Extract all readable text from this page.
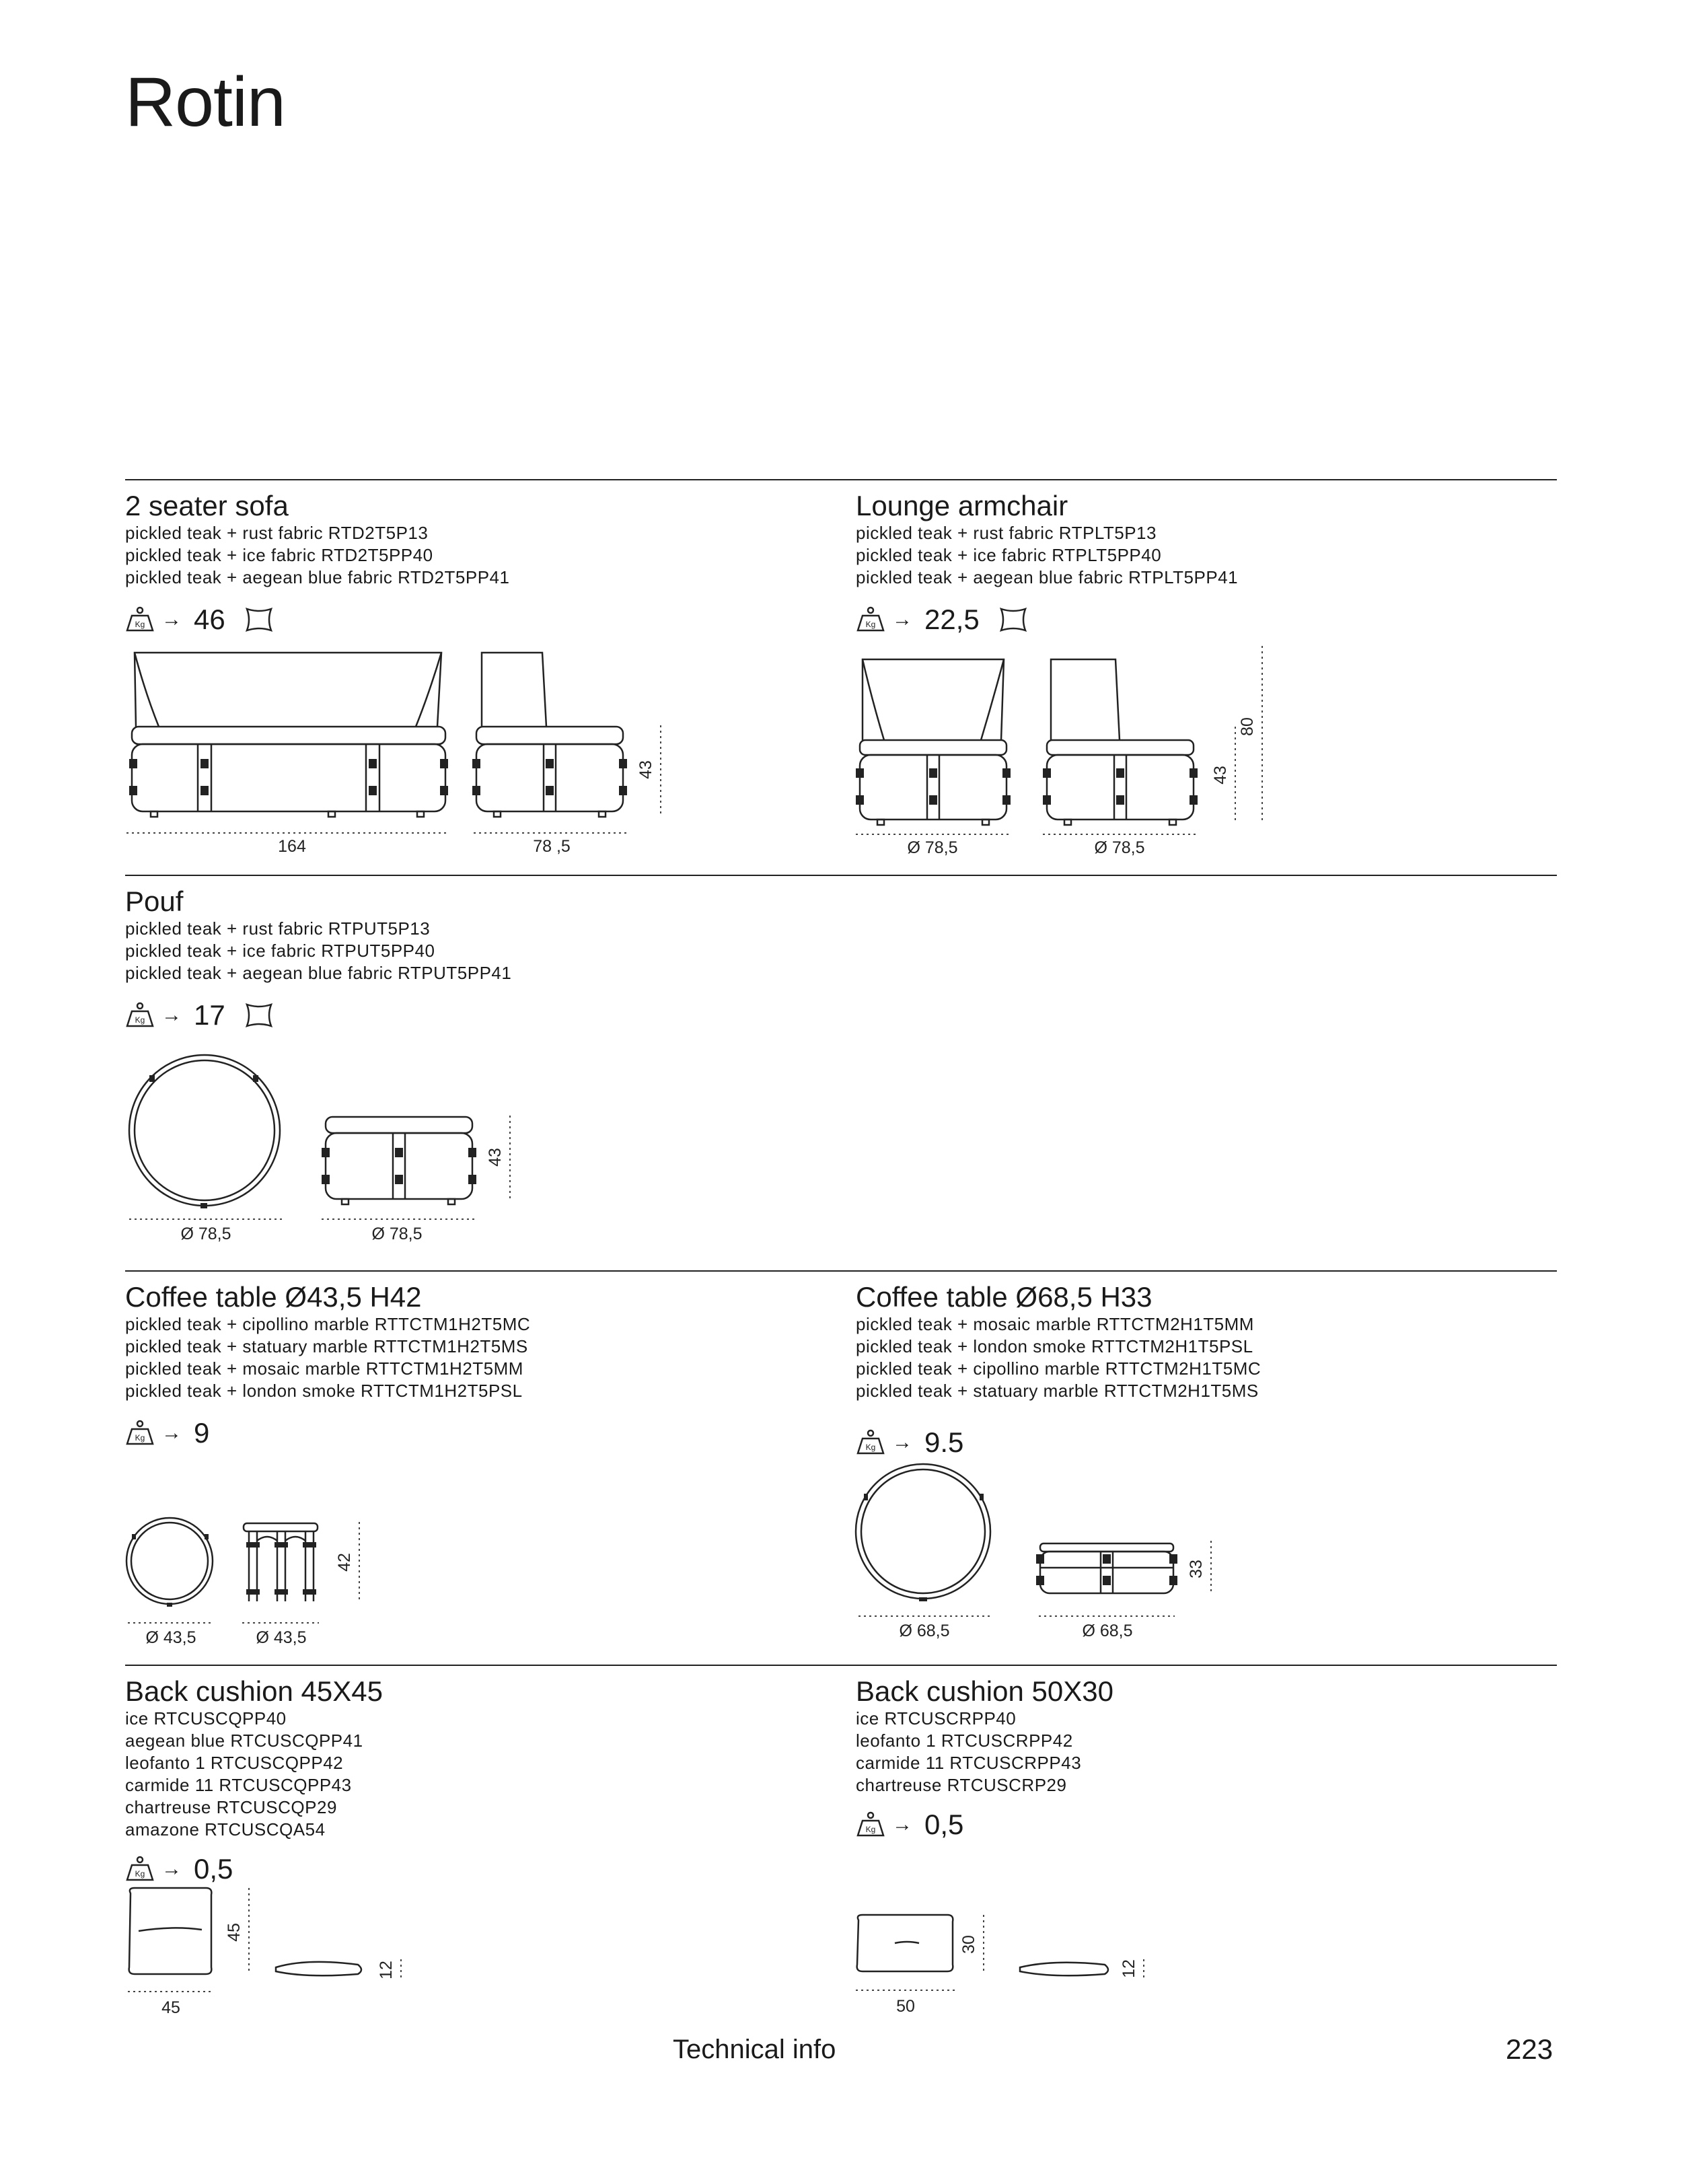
Rotin
2 seater sofa
pickled teak + rust fabric RTD2T5P13
pickled teak + ice fabric RTD2T5PP40
pickled teak + aegean blue fabric RTD2T5PP41
→ 46
164	78 ,5
43
Lounge armchair
pickled teak + rust fabric RTPLT5P13
pickled teak + ice fabric RTPLT5PP40
pickled teak + aegean blue fabric RTPLT5PP41
→ 22,5
Ø 78,5	Ø 78,5
43
80
Pouf
pickled teak + rust fabric RTPUT5P13
pickled teak + ice fabric RTPUT5PP40
pickled teak + aegean blue fabric RTPUT5PP41
→ 17
Ø 78,5	Ø 78,5
43
Coffee table Ø43,5 H42
pickled teak + cipollino marble RTTCTM1H2T5MC
pickled teak + statuary marble RTTCTM1H2T5MS
pickled teak + mosaic marble RTTCTM1H2T5MM
pickled teak + london smoke RTTCTM1H2T5PSL
→ 9
Ø 43,5	Ø 43,5
42
Coffee table Ø68,5 H33
pickled teak + mosaic marble RTTCTM2H1T5MM
pickled teak + london smoke RTTCTM2H1T5PSL
pickled teak + cipollino marble RTTCTM2H1T5MC
pickled teak + statuary marble RTTCTM2H1T5MS
→ 9.5
Ø 68,5	Ø 68,5
33
Back cushion 45X45
ice RTCUSCQPP40
aegean blue RTCUSCQPP41
leofanto 1 RTCUSCQPP42
carmide 11 RTCUSCQPP43
chartreuse RTCUSCQP29
amazone RTCUSCQA54
→ 0,5
45
45
12
Back cushion 50X30
ice RTCUSCRPP40
leofanto 1 RTCUSCRPP42
carmide 11 RTCUSCRPP43
chartreuse RTCUSCRP29
→ 0,5
50
30
12
Technical info	223
